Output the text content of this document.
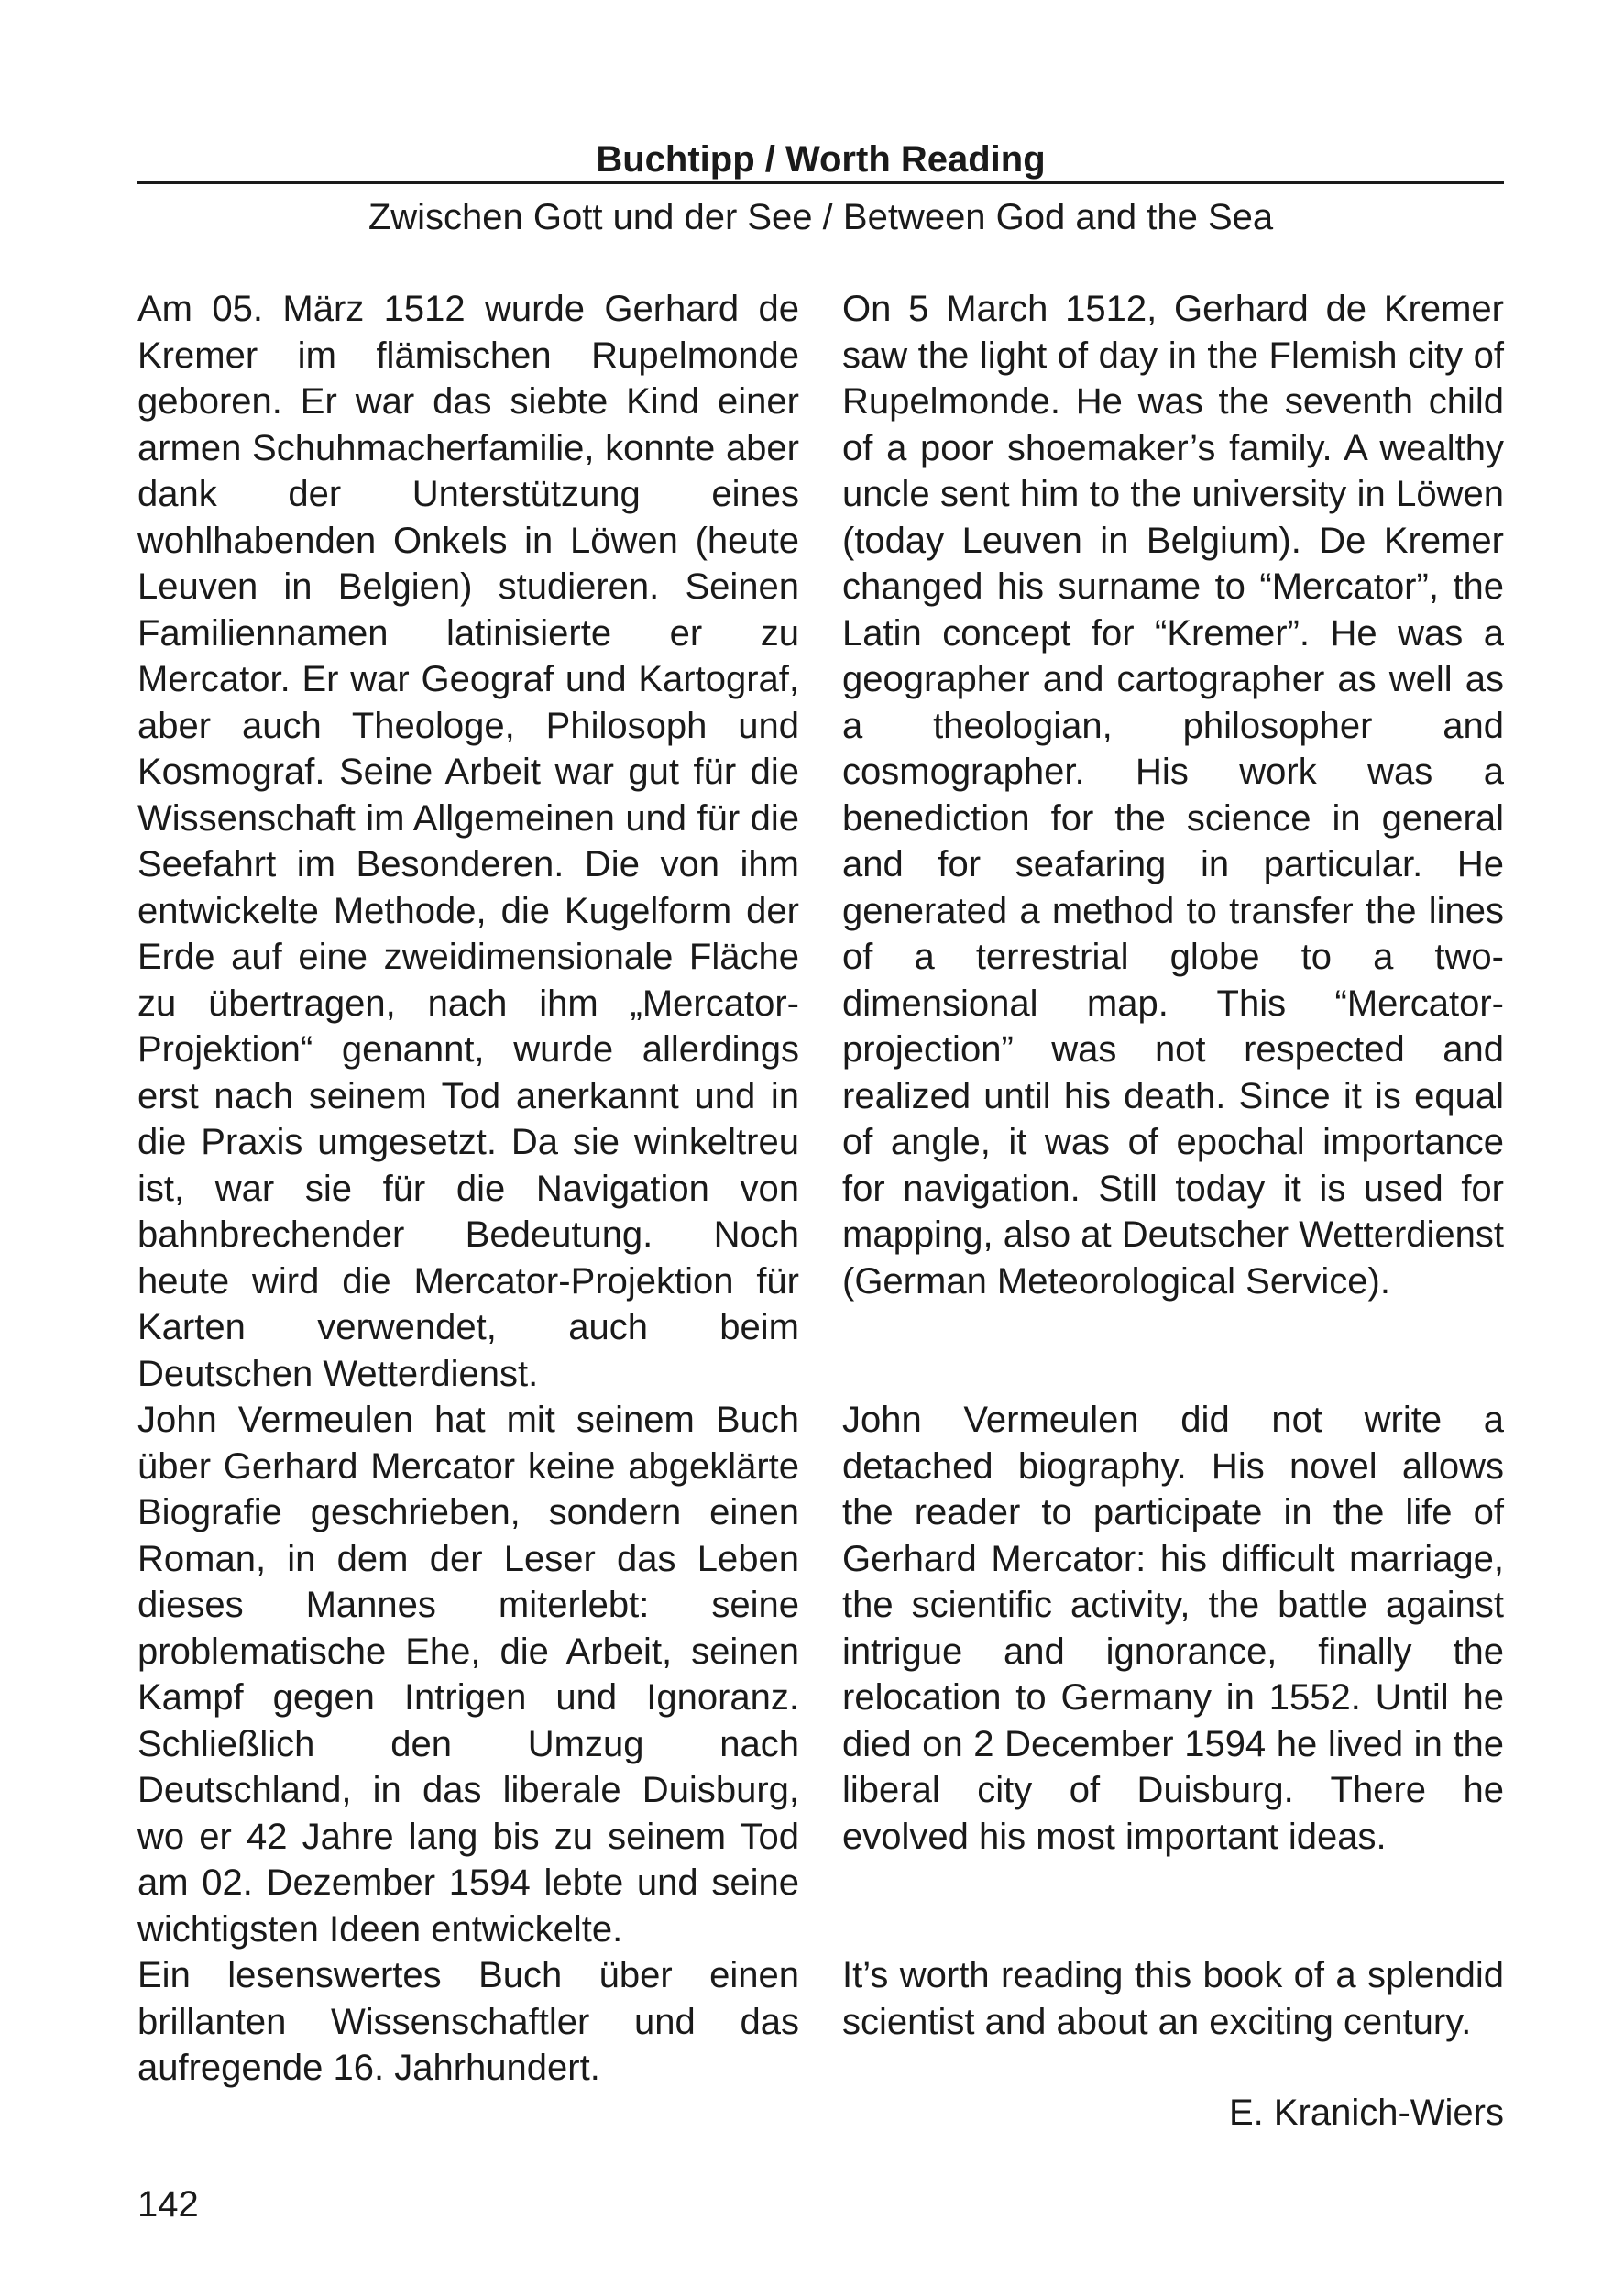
Buchtipp / Worth Reading
Zwischen Gott und der See / Between God and the Sea

Am 05. März 1512 wurde Gerhard de Kremer im flämischen Rupelmonde geboren. Er war das siebte Kind einer armen Schuhmacherfamilie, konnte aber dank der Unterstützung eines wohlhabenden Onkels in Löwen (heute Leuven in Belgien) studieren. Seinen Familiennamen latinisierte er zu Mercator. Er war Geograf und Kartograf, aber auch Theologe, Philosoph und Kosmograf. Seine Arbeit war gut für die Wissenschaft im Allgemeinen und für die Seefahrt im Besonderen. Die von ihm entwickelte Methode, die Kugelform der Erde auf eine zweidimensionale Fläche zu übertragen, nach ihm „Mercator-Projektion“ genannt, wurde allerdings erst nach seinem Tod anerkannt und in die Praxis umgesetzt. Da sie winkeltreu ist, war sie für die Navigation von bahnbrechender Bedeutung. Noch heute wird die Mercator-Projektion für Karten verwendet, auch beim Deutschen Wetterdienst.

John Vermeulen hat mit seinem Buch über Gerhard Mercator keine abgeklärte Biografie geschrieben, sondern einen Roman, in dem der Leser das Leben dieses Mannes miterlebt: seine problematische Ehe, die Arbeit, seinen Kampf gegen Intrigen und Ignoranz. Schließlich den Umzug nach Deutschland, in das liberale Duisburg, wo er 42 Jahre lang bis zu seinem Tod am 02. Dezember 1594 lebte und seine wichtigsten Ideen entwickelte.

Ein lesenswertes Buch über einen brillanten Wissenschaftler und das aufregende 16. Jahrhundert.

On 5 March 1512, Gerhard de Kremer saw the light of day in the Flemish city of Rupelmonde. He was the seventh child of a poor shoemaker’s family. A wealthy uncle sent him to the university in Löwen (today Leuven in Belgium). De Kremer changed his surname to “Mercator”, the Latin concept for “Kremer”. He was a geographer and cartographer as well as a theologian, philosopher and cosmographer. His work was a benediction for the science in general and for seafaring in particular. He generated a method to transfer the lines of a terrestrial globe to a two-dimensional map. This “Mercator-projection” was not respected and realized until his death. Since it is equal of angle, it was of epochal importance for navigation. Still today it is used for mapping, also at Deutscher Wetterdienst (German Meteorological Service).

John Vermeulen did not write a detached biography. His novel allows the reader to participate in the life of Gerhard Mercator: his difficult marriage, the scientific activity, the battle against intrigue and ignorance, finally the relocation to Germany in 1552. Until he died on 2 December 1594 he lived in the liberal city of Duisburg. There he evolved his most important ideas.

It’s worth reading this book of a splendid scientist and about an exciting century.

E. Kranich-Wiers
142
